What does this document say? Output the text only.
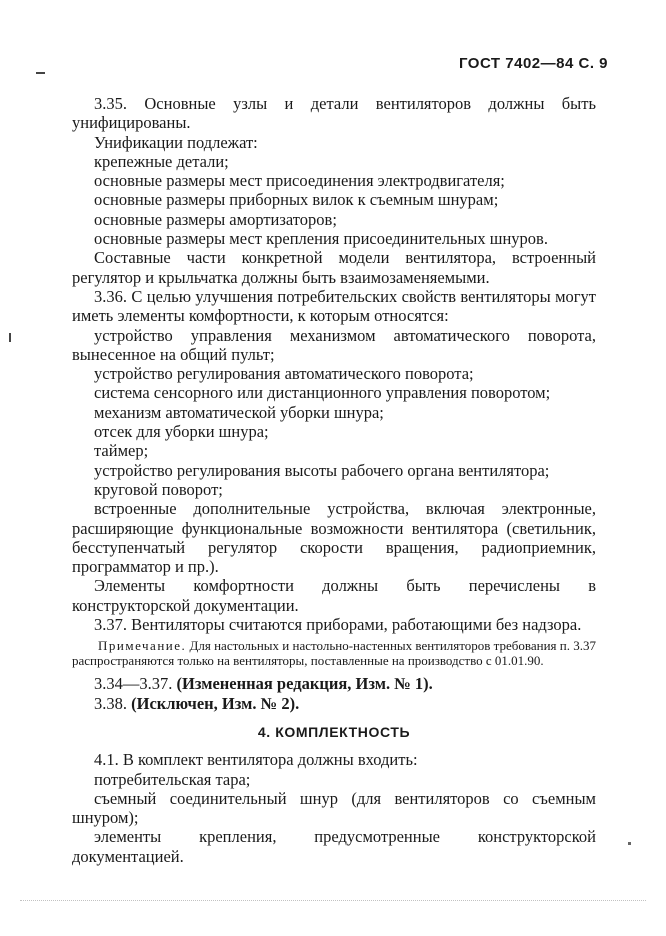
ГОСТ 7402—84 С. 9

3.35. Основные узлы и детали вентиляторов должны быть унифицированы.

Унификации подлежат:

крепежные детали;

основные размеры мест присоединения электродвигателя;

основные размеры приборных вилок к съемным шнурам;

основные размеры амортизаторов;

основные размеры мест крепления присоединительных шнуров.

Составные части конкретной модели вентилятора, встроенный регулятор и крыльчатка должны быть взаимозаменяемыми.

3.36. С целью улучшения потребительских свойств вентиляторы могут иметь элементы комфортности, к которым относятся:

устройство управления механизмом автоматического поворота, вынесенное на общий пульт;

устройство регулирования автоматического поворота;

система сенсорного или дистанционного управления поворотом;

механизм автоматической уборки шнура;

отсек для уборки шнура;

таймер;

устройство регулирования высоты рабочего органа вентилятора;

круговой поворот;

встроенные дополнительные устройства, включая электронные, расширяющие функциональные возможности вентилятора (светильник, бесступенчатый регулятор скорости вращения, радиоприемник, программатор и пр.).

Элементы комфортности должны быть перечислены в конструкторской документации.

3.37. Вентиляторы считаются приборами, работающими без надзора.

Примечание. Для настольных и настольно-настенных вентиляторов требования п. 3.37 распространяются только на вентиляторы, поставленные на производство с 01.01.90.

3.34—3.37. (Измененная редакция, Изм. № 1).

3.38. (Исключен, Изм. № 2).

4. КОМПЛЕКТНОСТЬ

4.1. В комплект вентилятора должны входить:

потребительская тара;

съемный соединительный шнур (для вентиляторов со съемным шнуром);

элементы крепления, предусмотренные конструкторской документацией.
